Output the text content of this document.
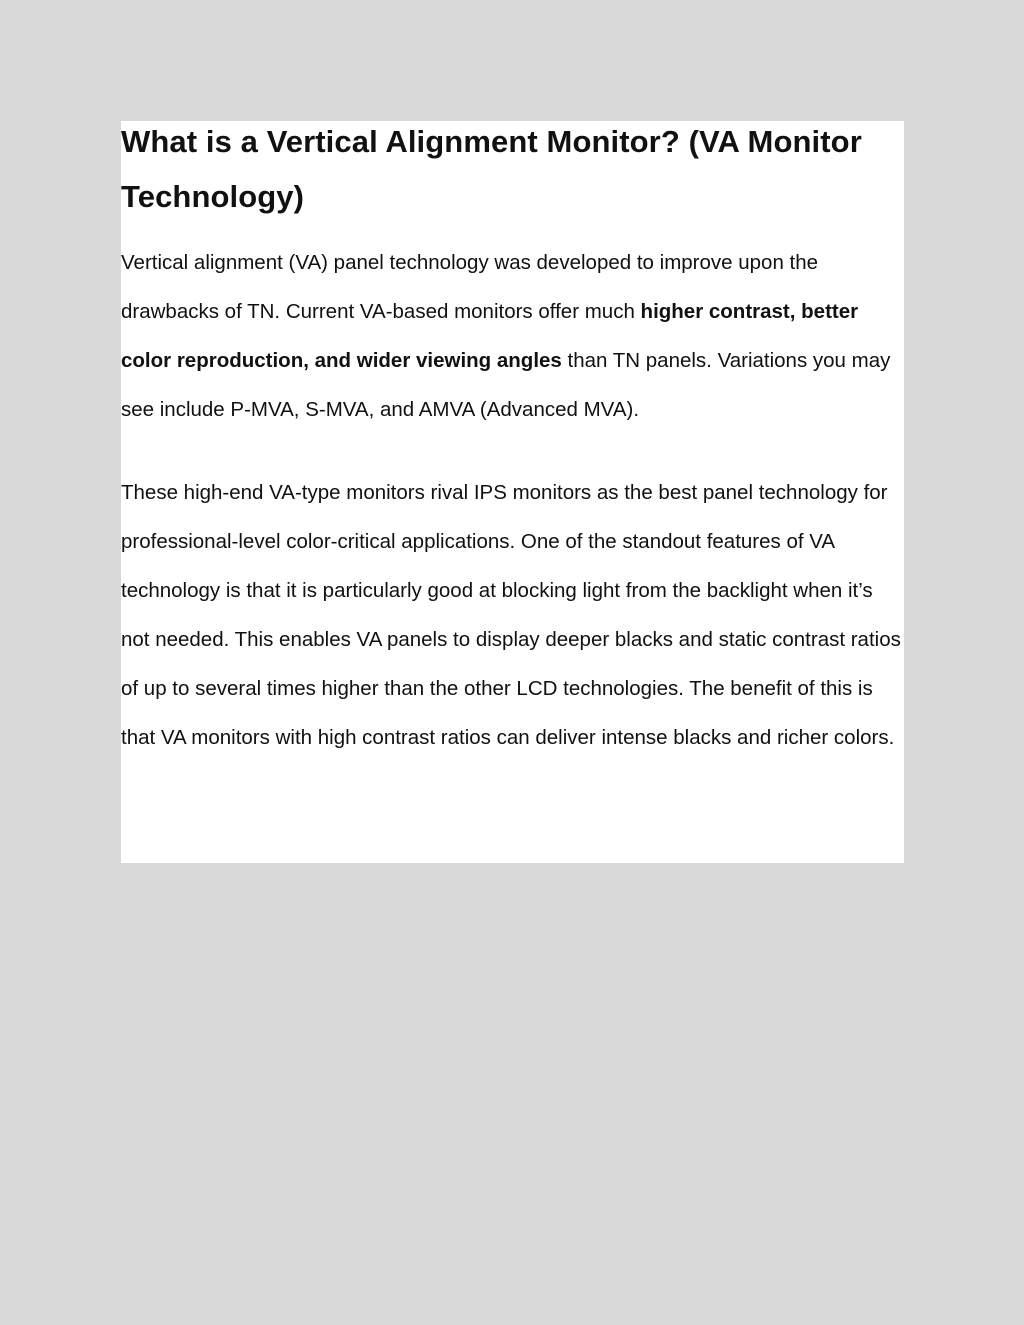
What is a Vertical Alignment Monitor? (VA Monitor Technology)

Vertical alignment (VA) panel technology was developed to improve upon the drawbacks of TN. Current VA-based monitors offer much higher contrast, better color reproduction, and wider viewing angles than TN panels. Variations you may see include P-MVA, S-MVA, and AMVA (Advanced MVA).

These high-end VA-type monitors rival IPS monitors as the best panel technology for professional-level color-critical applications. One of the standout features of VA technology is that it is particularly good at blocking light from the backlight when it’s not needed. This enables VA panels to display deeper blacks and static contrast ratios of up to several times higher than the other LCD technologies. The benefit of this is that VA monitors with high contrast ratios can deliver intense blacks and richer colors.
